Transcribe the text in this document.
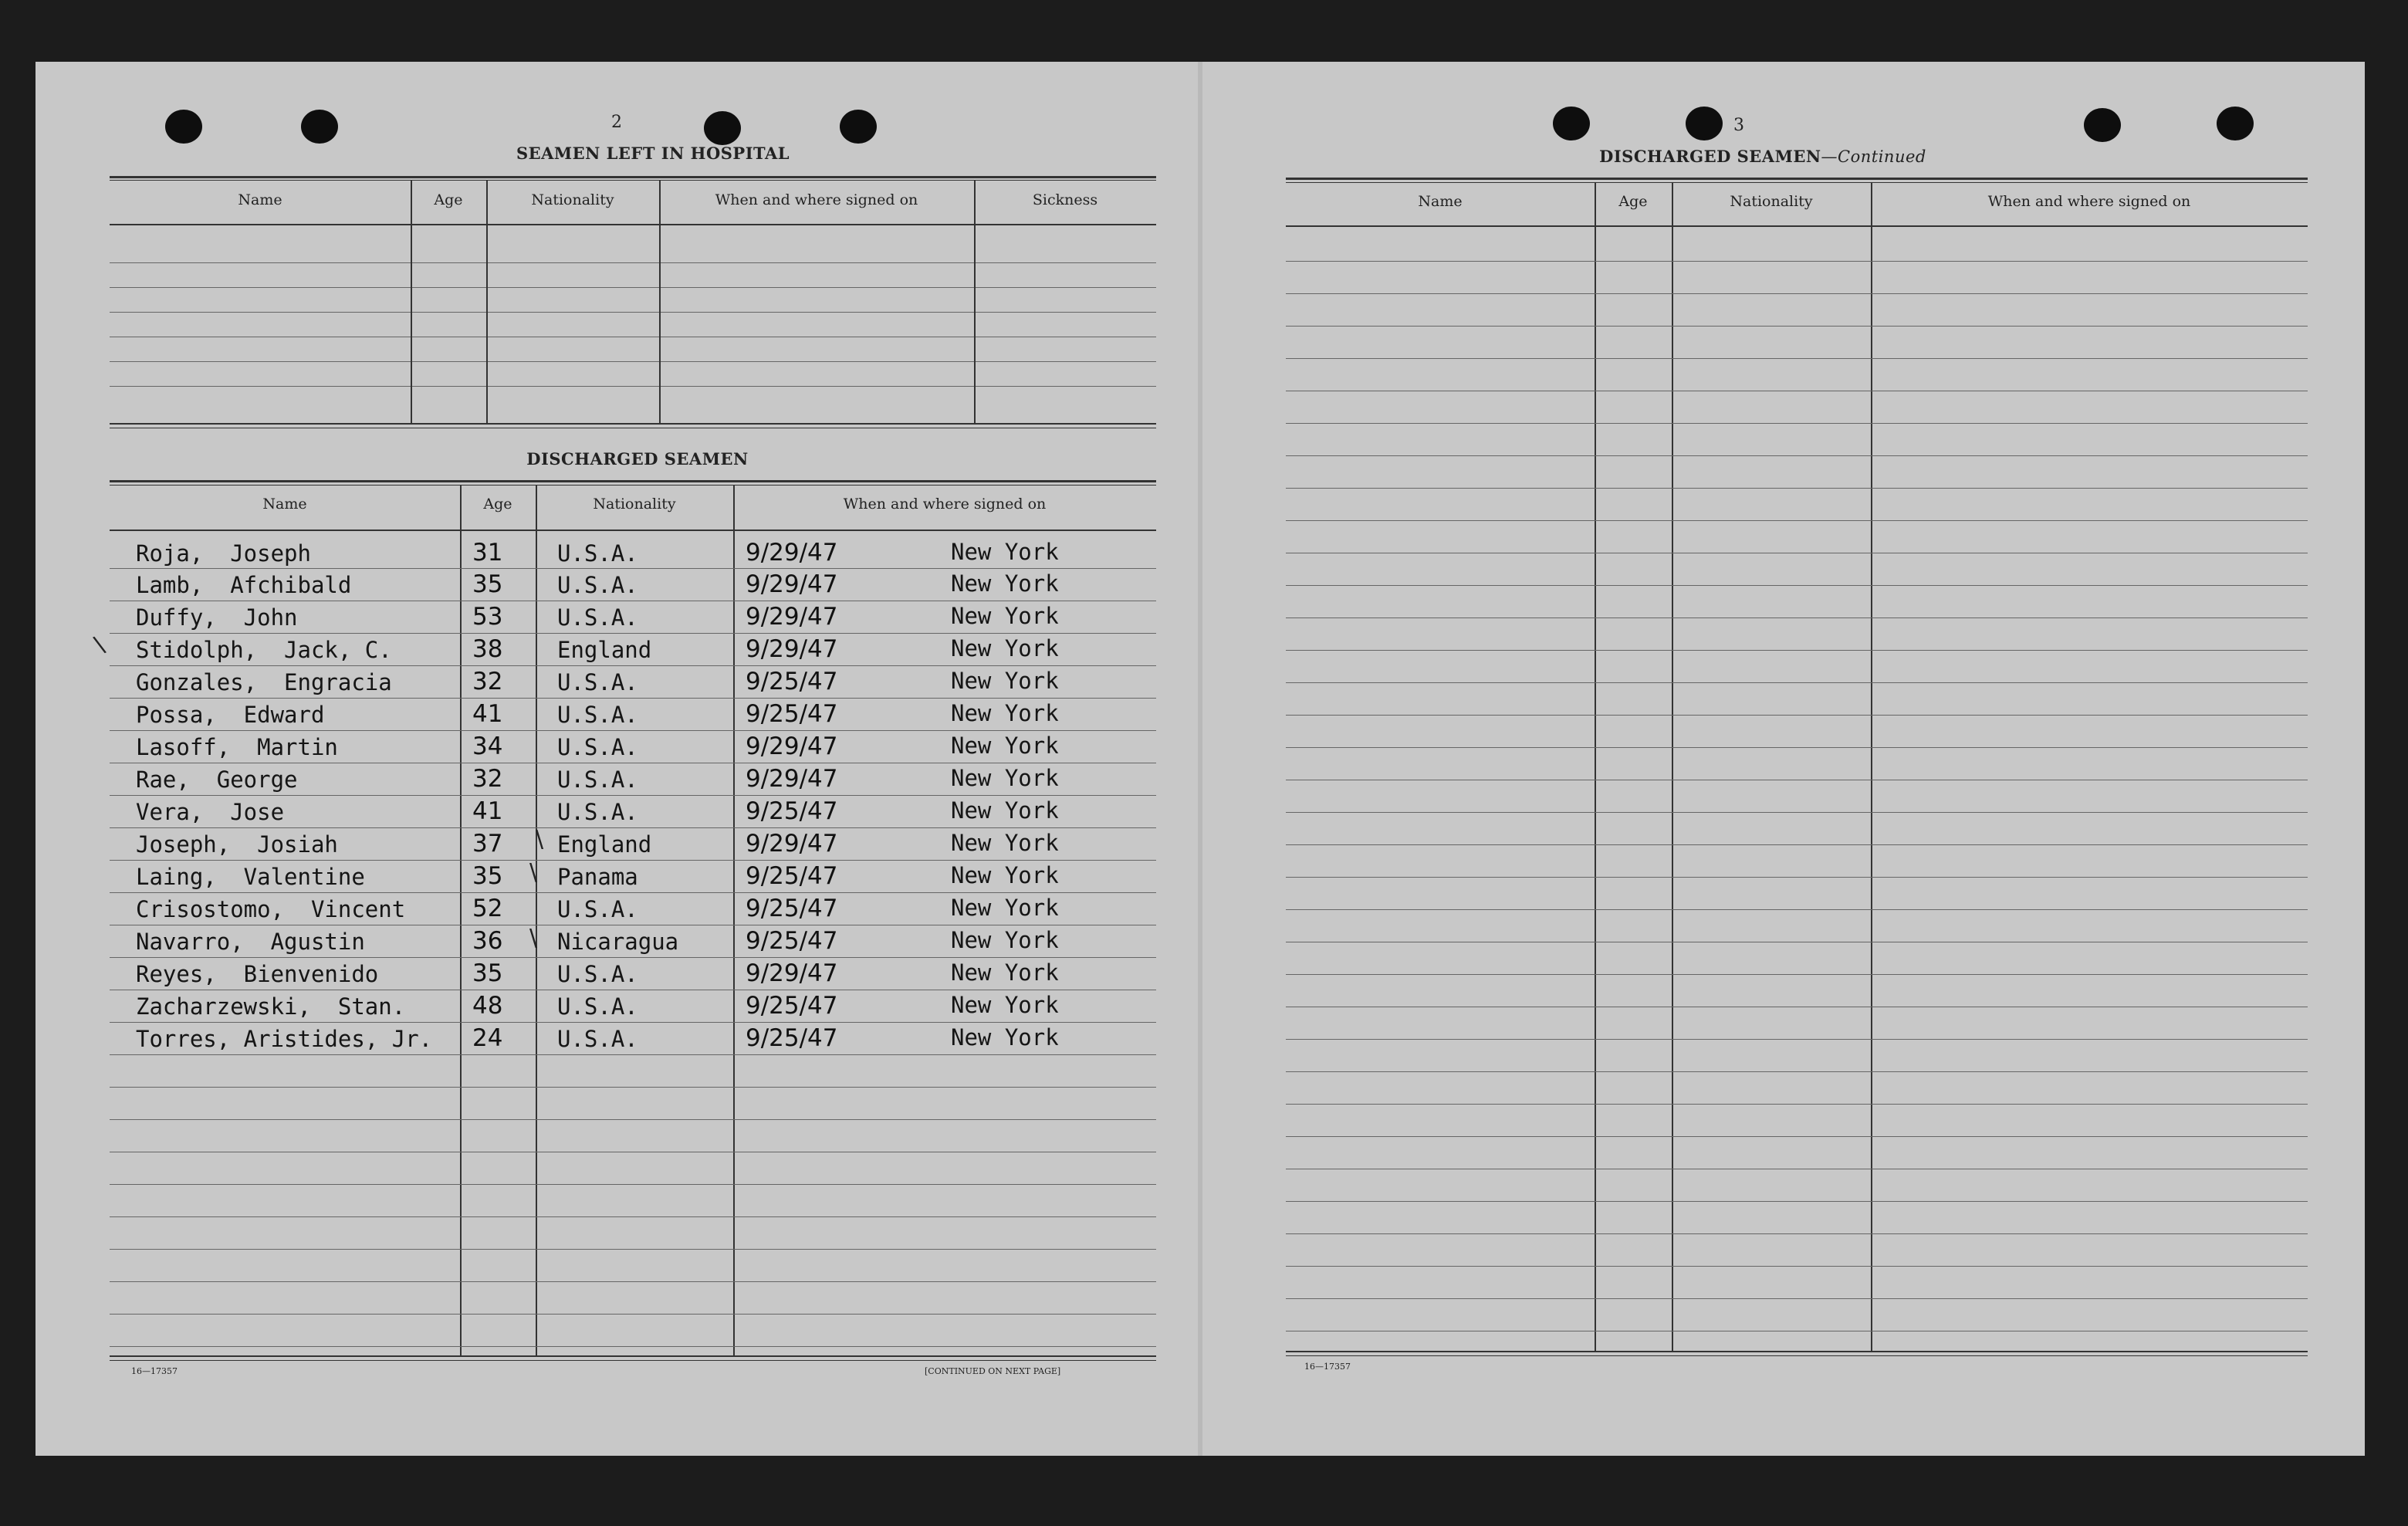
2
SEAMEN LEFT IN HOSPITAL
Name	Age	Nationality	When and where signed on	Sickness
DISCHARGED SEAMEN
Name	Age	Nationality	When and where signed on
Roja,  Joseph	31 U.S.A.	9/29/47	New York
Lamb,  Afchibald	35 U.S.A.	9/29/47	New York
Duffy,  John	53 U.S.A.	9/29/47	New York
Stidolph,  Jack, C.	38 England	9/29/47	New York
Gonzales,  Engracia	32 U.S.A.	9/25/47	New York
Possa,  Edward	41 U.S.A.	9/25/47	New York
Lasoff,  Martin	34 U.S.A.	9/29/47	New York
Rae,  George	32 U.S.A.	9/29/47	New York
Vera,  Jose	41 U.S.A.	9/25/47	New York
Joseph,  Josiah	37 England	9/29/47	New York
Laing,  Valentine	35 Panama	9/25/47	New York
Crisostomo,  Vincent	52 U.S.A.	9/25/47	New York
Navarro,  Agustin	36 Nicaragua	9/25/47	New York
Reyes,  Bienvenido	35 U.S.A.	9/29/47	New York
Zacharzewski,  Stan.	48 U.S.A.	9/25/47	New York
Torres, Aristides, Jr. 24 U.S.A.	9/25/47	New York
\
\
\
\
16—17357	[CONTINUED ON NEXT PAGE]
3
DISCHARGED SEAMEN—Continued
Name	Age	Nationality	When and where signed on
16—17357
